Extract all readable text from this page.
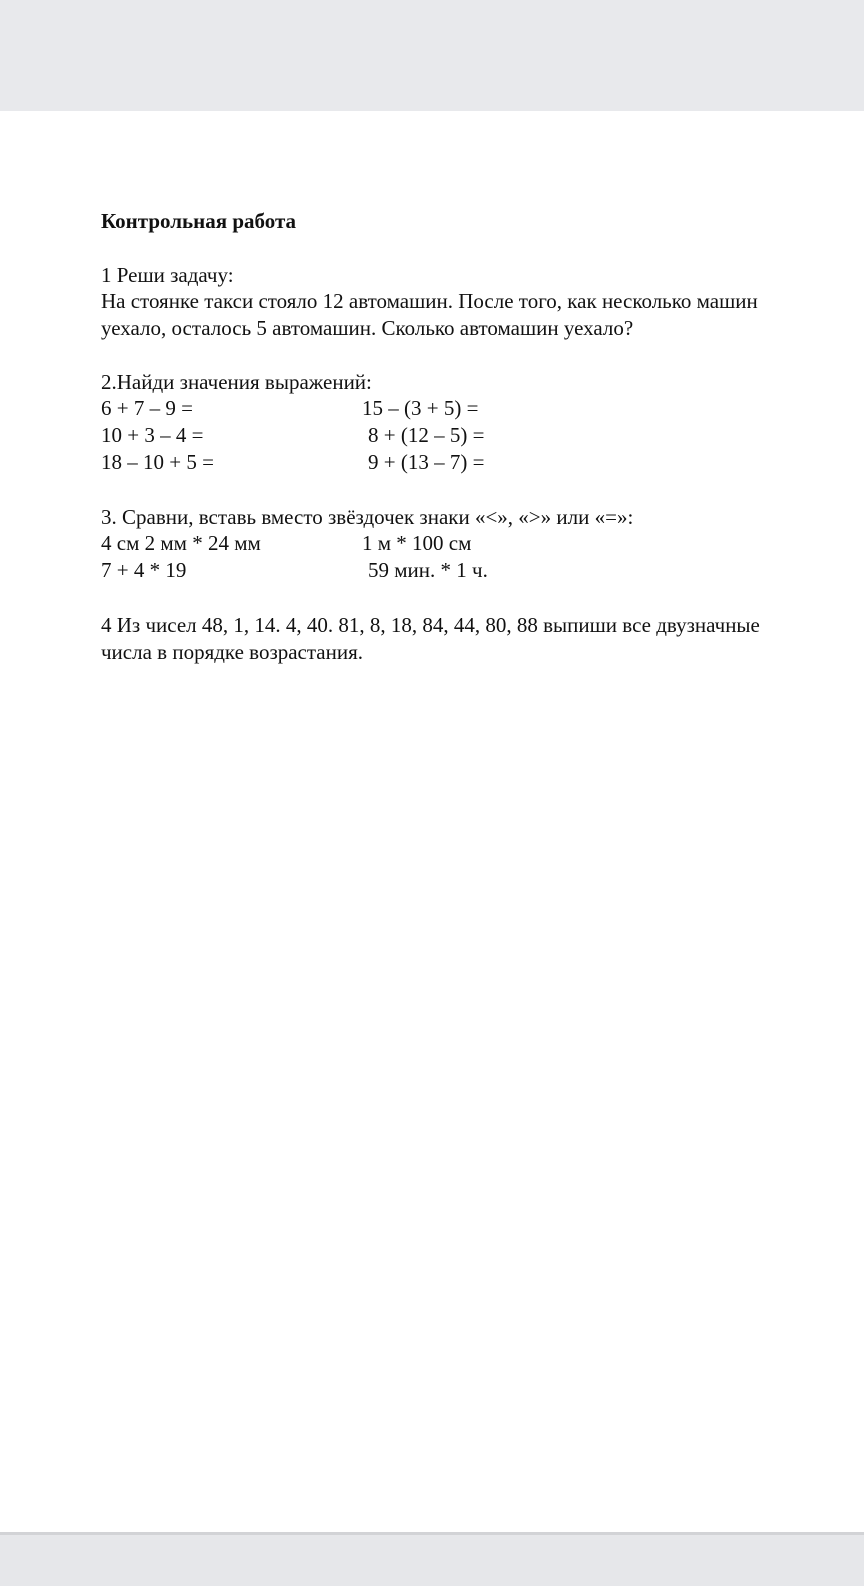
Контрольная работа
1 Реши задачу:
На стоянке такси стояло 12 автомашин. После того, как несколько машин
уехало, осталось 5 автомашин. Сколько автомашин уехало?
2.Найди значения выражений:
6 + 7 – 9 =
10 + 3 – 4 =
18 – 10 + 5 =
15 – (3 + 5) =
8 + (12 – 5) =
9 + (13 – 7) =
3. Сравни, вставь вместо звёздочек знаки «<», «>» или «=»:
4 см 2 мм * 24 мм
7 + 4 * 19
1 м * 100 см
59 мин. * 1 ч.
4 Из чисел 48, 1, 14. 4, 40. 81, 8, 18, 84, 44, 80, 88 выпиши все двузначные
числа в порядке возрастания.
